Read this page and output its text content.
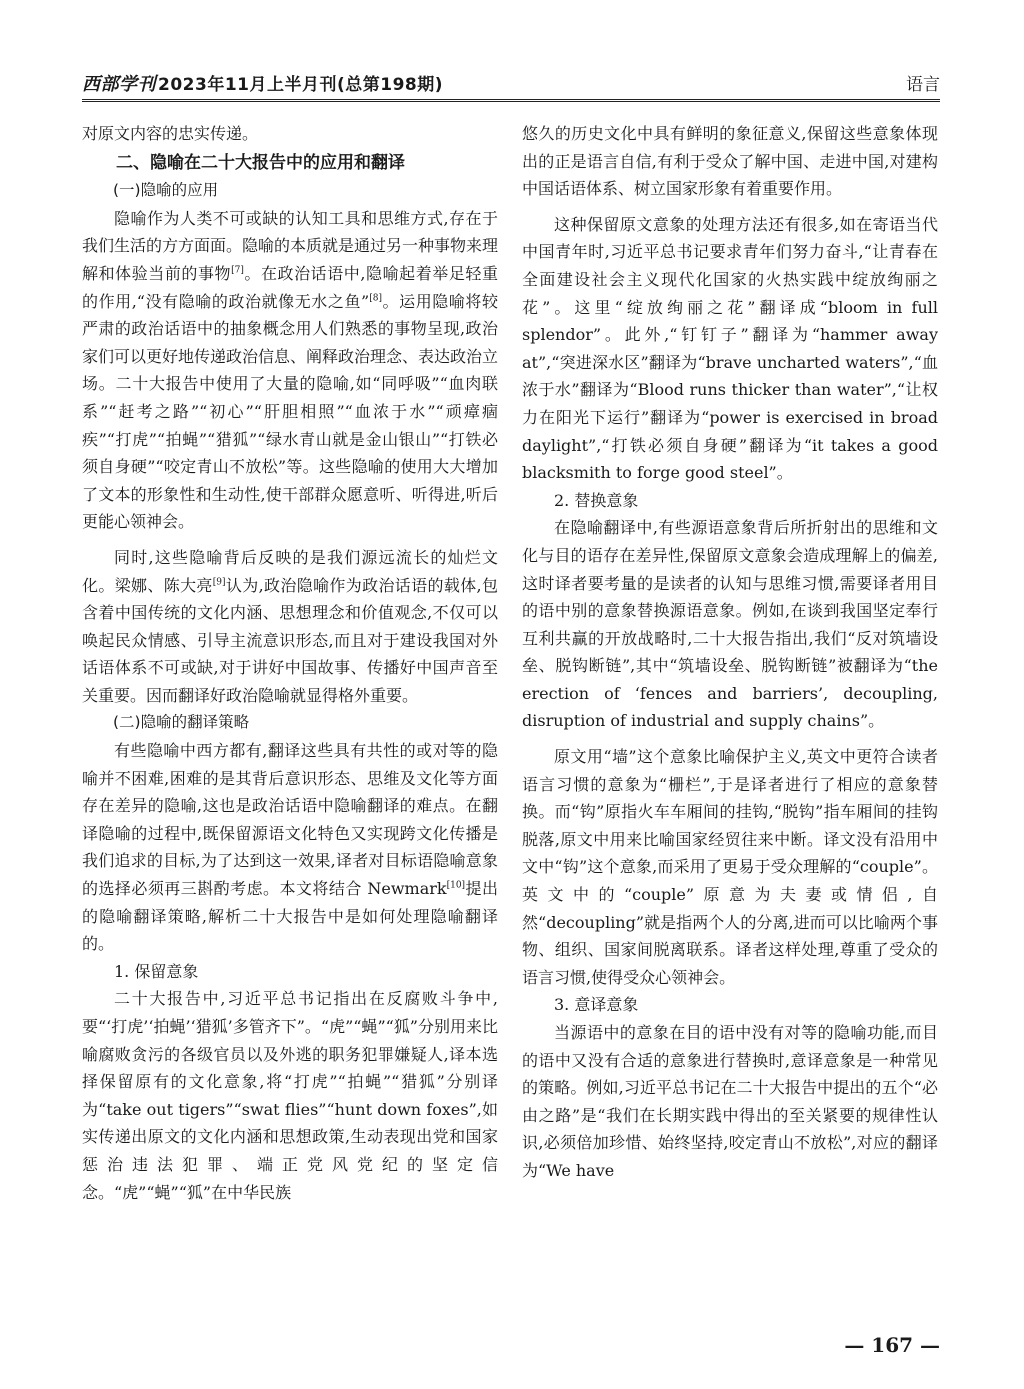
西部学刊 2023年11月上半月刊(总第198期)	语言

对原文内容的忠实传递。

二、隐喻在二十大报告中的应用和翻译
(一)隐喻的应用

隐喻作为人类不可或缺的认知工具和思维方式,存在于我们生活的方方面面。隐喻的本质就是通过另一种事物来理解和体验当前的事物[7]。在政治话语中,隐喻起着举足轻重的作用,“没有隐喻的政治就像无水之鱼”[8]。运用隐喻将较严肃的政治话语中的抽象概念用人们熟悉的事物呈现,政治家们可以更好地传递政治信息、阐释政治理念、表达政治立场。二十大报告中使用了大量的隐喻,如“同呼吸”“血肉联系”“赶考之路”“初心”“肝胆相照”“血浓于水”“顽瘴痼疾”“打虎”“拍蝇”“猎狐”“绿水青山就是金山银山”“打铁必须自身硬”“咬定青山不放松”等。这些隐喻的使用大大增加了文本的形象性和生动性,使干部群众愿意听、听得进,听后更能心领神会。

同时,这些隐喻背后反映的是我们源远流长的灿烂文化。梁娜、陈大亮[9]认为,政治隐喻作为政治话语的载体,包含着中国传统的文化内涵、思想理念和价值观念,不仅可以唤起民众情感、引导主流意识形态,而且对于建设我国对外话语体系不可或缺,对于讲好中国故事、传播好中国声音至关重要。因而翻译好政治隐喻就显得格外重要。

(二)隐喻的翻译策略

有些隐喻中西方都有,翻译这些具有共性的或对等的隐喻并不困难,困难的是其背后意识形态、思维及文化等方面存在差异的隐喻,这也是政治话语中隐喻翻译的难点。在翻译隐喻的过程中,既保留源语文化特色又实现跨文化传播是我们追求的目标,为了达到这一效果,译者对目标语隐喻意象的选择必须再三斟酌考虑。本文将结合 Newmark[10]提出的隐喻翻译策略,解析二十大报告中是如何处理隐喻翻译的。

1. 保留意象

二十大报告中,习近平总书记指出在反腐败斗争中,要“‘打虎’‘拍蝇’‘猎狐’多管齐下”。“虎”“蝇”“狐”分别用来比喻腐败贪污的各级官员以及外逃的职务犯罪嫌疑人,译本选择保留原有的文化意象,将“打虎”“拍蝇”“猎狐”分别译为“take out tigers”“swat flies”“hunt down foxes”,如实传递出原文的文化内涵和思想政策,生动表现出党和国家惩治违法犯罪、端正党风党纪的坚定信念。“虎”“蝇”“狐”在中华民族

悠久的历史文化中具有鲜明的象征意义,保留这些意象体现出的正是语言自信,有利于受众了解中国、走进中国,对建构中国话语体系、树立国家形象有着重要作用。

这种保留原文意象的处理方法还有很多,如在寄语当代中国青年时,习近平总书记要求青年们努力奋斗,“让青春在全面建设社会主义现代化国家的火热实践中绽放绚丽之花”。这里“绽放绚丽之花”翻译成“bloom in full splendor”。此外,“钉钉子”翻译为“hammer away at”,“突进深水区”翻译为“brave uncharted waters”,“血浓于水”翻译为“Blood runs thicker than water”,“让权力在阳光下运行”翻译为“power is exercised in broad daylight”,“打铁必须自身硬”翻译为“it takes a good blacksmith to forge good steel”。

2. 替换意象

在隐喻翻译中,有些源语意象背后所折射出的思维和文化与目的语存在差异性,保留原文意象会造成理解上的偏差,这时译者要考量的是读者的认知与思维习惯,需要译者用目的语中别的意象替换源语意象。例如,在谈到我国坚定奉行互利共赢的开放战略时,二十大报告指出,我们“反对筑墙设垒、脱钩断链”,其中“筑墙设垒、脱钩断链”被翻译为“the erection of ‘fences and barriers’, decoupling, disruption of industrial and supply chains”。

原文用“墙”这个意象比喻保护主义,英文中更符合读者语言习惯的意象为“栅栏”,于是译者进行了相应的意象替换。而“钩”原指火车车厢间的挂钩,“脱钩”指车厢间的挂钩脱落,原文中用来比喻国家经贸往来中断。译文没有沿用中文中“钩”这个意象,而采用了更易于受众理解的“couple”。英文中的“couple”原意为夫妻或情侣,自然“decoupling”就是指两个人的分离,进而可以比喻两个事物、组织、国家间脱离联系。译者这样处理,尊重了受众的语言习惯,使得受众心领神会。

3. 意译意象

当源语中的意象在目的语中没有对等的隐喻功能,而目的语中又没有合适的意象进行替换时,意译意象是一种常见的策略。例如,习近平总书记在二十大报告中提出的五个“必由之路”是“我们在长期实践中得出的至关紧要的规律性认识,必须倍加珍惜、始终坚持,咬定青山不放松”,对应的翻译为“We have

— 167 —
